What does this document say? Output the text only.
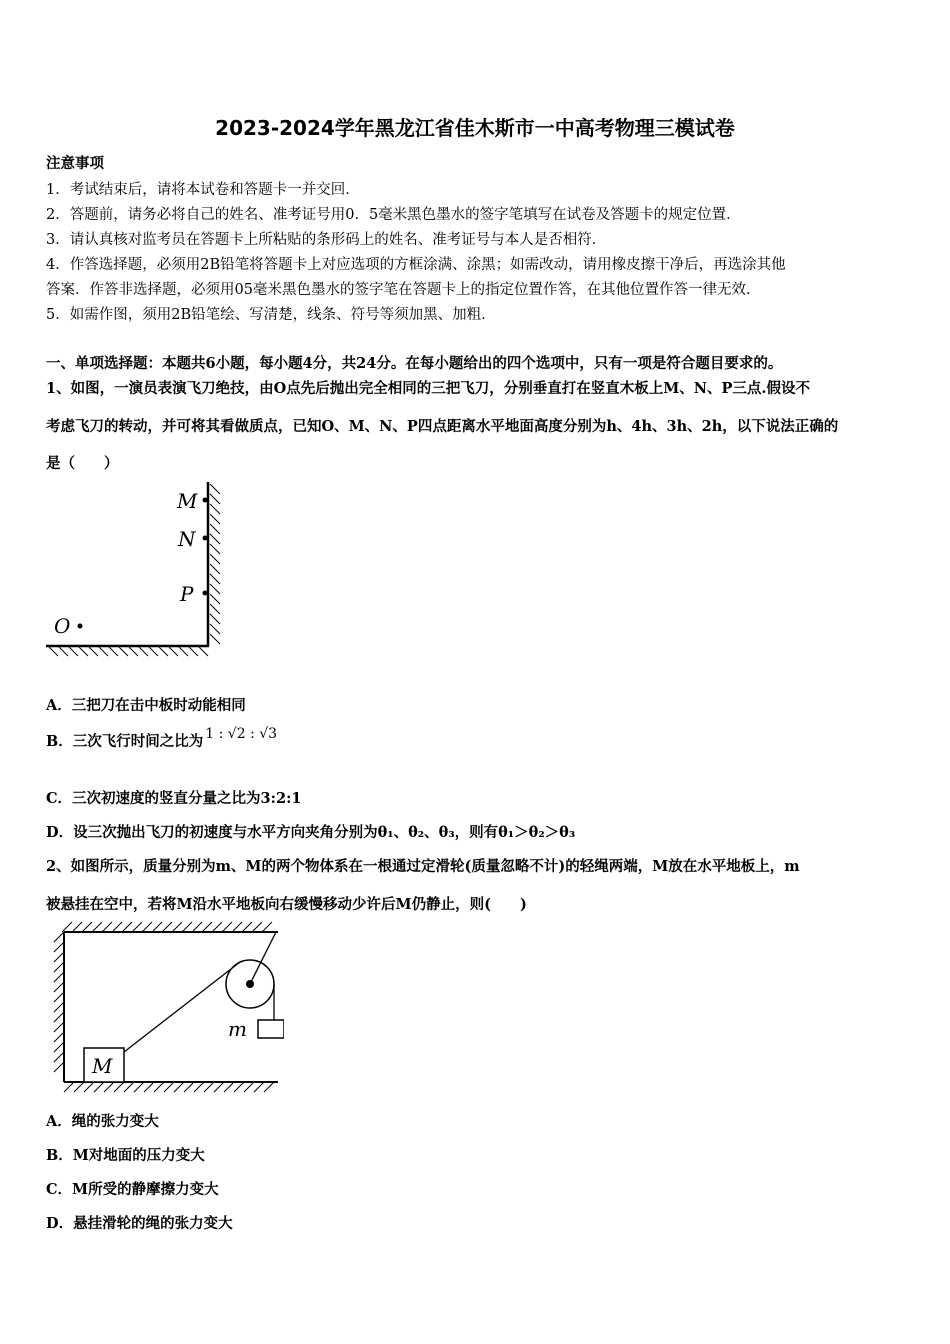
2023-2024学年黑龙江省佳木斯市一中高考物理三模试卷
注意事项
1．考试结束后，请将本试卷和答题卡一并交回．
2．答题前，请务必将自己的姓名、准考证号用0．5毫米黑色墨水的签字笔填写在试卷及答题卡的规定位置．
3．请认真核对监考员在答题卡上所粘贴的条形码上的姓名、准考证号与本人是否相符．
4．作答选择题，必须用2B铅笔将答题卡上对应选项的方框涂满、涂黑；如需改动，请用橡皮擦干净后，再选涂其他
答案．作答非选择题，必须用05毫米黑色墨水的签字笔在答题卡上的指定位置作答，在其他位置作答一律无效．
5．如需作图，须用2B铅笔绘、写清楚，线条、符号等须加黑、加粗．
一、单项选择题：本题共6小题，每小题4分，共24分。在每小题给出的四个选项中，只有一项是符合题目要求的。
1、如图，一演员表演飞刀绝技，由O点先后抛出完全相同的三把飞刀，分别垂直打在竖直木板上M、N、P三点.假设不
考虑飞刀的转动，并可将其看做质点，已知O、M、N、P四点距离水平地面高度分别为h、4h、3h、2h，以下说法正确的
是（　　）
M
N
P
O
A．三把刀在击中板时动能相同
B．三次飞行时间之比为 1 : √2 : √3
C．三次初速度的竖直分量之比为3:2:1
D．设三次抛出飞刀的初速度与水平方向夹角分别为θ₁、θ₂、θ₃，则有θ₁＞θ₂＞θ₃
2、如图所示，质量分别为m、M的两个物体系在一根通过定滑轮(质量忽略不计)的轻绳两端，M放在水平地板上，m
被悬挂在空中，若将M沿水平地板向右缓慢移动少许后M仍静止，则(　　)
M
m
A．绳的张力变大
B．M对地面的压力变大
C．M所受的静摩擦力变大
D．悬挂滑轮的绳的张力变大
